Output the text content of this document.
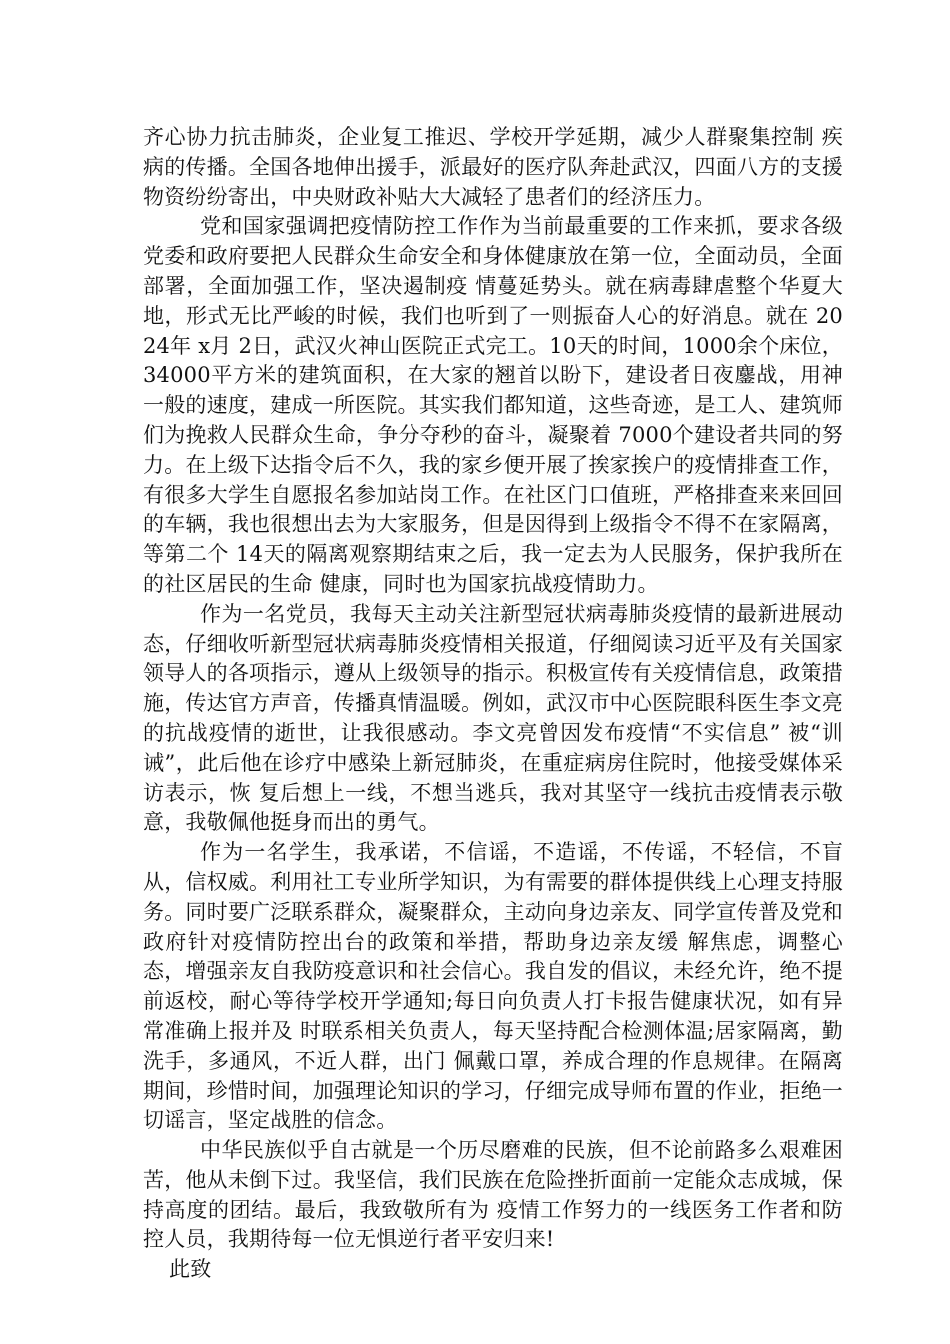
齐心协力抗击肺炎，企业复工推迟、学校开学延期，减少人群聚集控制 疾病的传播。全国各地伸出援手，派最好的医疗队奔赴武汉，四面八方的支援物资纷纷寄出，中央财政补贴大大减轻了患者们的经济压力。

党和国家强调把疫情防控工作作为当前最重要的工作来抓，要求各级党委和政府要把人民群众生命安全和身体健康放在第一位，全面动员，全面部署，全面加强工作，坚决遏制疫 情蔓延势头。就在病毒肆虐整个华夏大地，形式无比严峻的时候，我们也听到了一则振奋人心的好消息。就在 2024年 x月 2日，武汉火神山医院正式完工。10天的时间，1000余个床位，34000平方米的建筑面积，在大家的翘首以盼下，建设者日夜鏖战，用神一般的速度，建成一所医院。其实我们都知道，这些奇迹，是工人、建筑师们为挽救人民群众生命，争分夺秒的奋斗，凝聚着 7000个建设者共同的努力。在上级下达指令后不久，我的家乡便开展了挨家挨户的疫情排查工作，有很多大学生自愿报名参加站岗工作。在社区门口值班，严格排查来来回回的车辆，我也很想出去为大家服务，但是因得到上级指令不得不在家隔离，等第二个 14天的隔离观察期结束之后，我一定去为人民服务，保护我所在的社区居民的生命 健康，同时也为国家抗战疫情助力。

作为一名党员，我每天主动关注新型冠状病毒肺炎疫情的最新进展动态，仔细收听新型冠状病毒肺炎疫情相关报道，仔细阅读习近平及有关国家领导人的各项指示，遵从上级领导的指示。积极宣传有关疫情信息，政策措施，传达官方声音，传播真情温暖。例如，武汉市中心医院眼科医生李文亮的抗战疫情的逝世，让我很感动。李文亮曾因发布疫情“不实信息” 被“训诫”，此后他在诊疗中感染上新冠肺炎，在重症病房住院时，他接受媒体采访表示，恢 复后想上一线，不想当逃兵，我对其坚守一线抗击疫情表示敬意，我敬佩他挺身而出的勇气。

作为一名学生，我承诺，不信谣，不造谣，不传谣，不轻信，不盲从，信权威。利用社工专业所学知识，为有需要的群体提供线上心理支持服务。同时要广泛联系群众，凝聚群众，主动向身边亲友、同学宣传普及党和政府针对疫情防控出台的政策和举措，帮助身边亲友缓 解焦虑，调整心态，增强亲友自我防疫意识和社会信心。我自发的倡议，未经允许，绝不提前返校，耐心等待学校开学通知;每日向负责人打卡报告健康状况，如有异常准确上报并及 时联系相关负责人，每天坚持配合检测体温;居家隔离，勤洗手，多通风，不近人群，出门 佩戴口罩，养成合理的作息规律。在隔离期间，珍惜时间，加强理论知识的学习，仔细完成导师布置的作业，拒绝一切谣言，坚定战胜的信念。

中华民族似乎自古就是一个历尽磨难的民族，但不论前路多么艰难困苦，他从未倒下过。我坚信，我们民族在危险挫折面前一定能众志成城，保持高度的团结。最后，我致敬所有为 疫情工作努力的一线医务工作者和防控人员，我期待每一位无惧逆行者平安归来!

此致
